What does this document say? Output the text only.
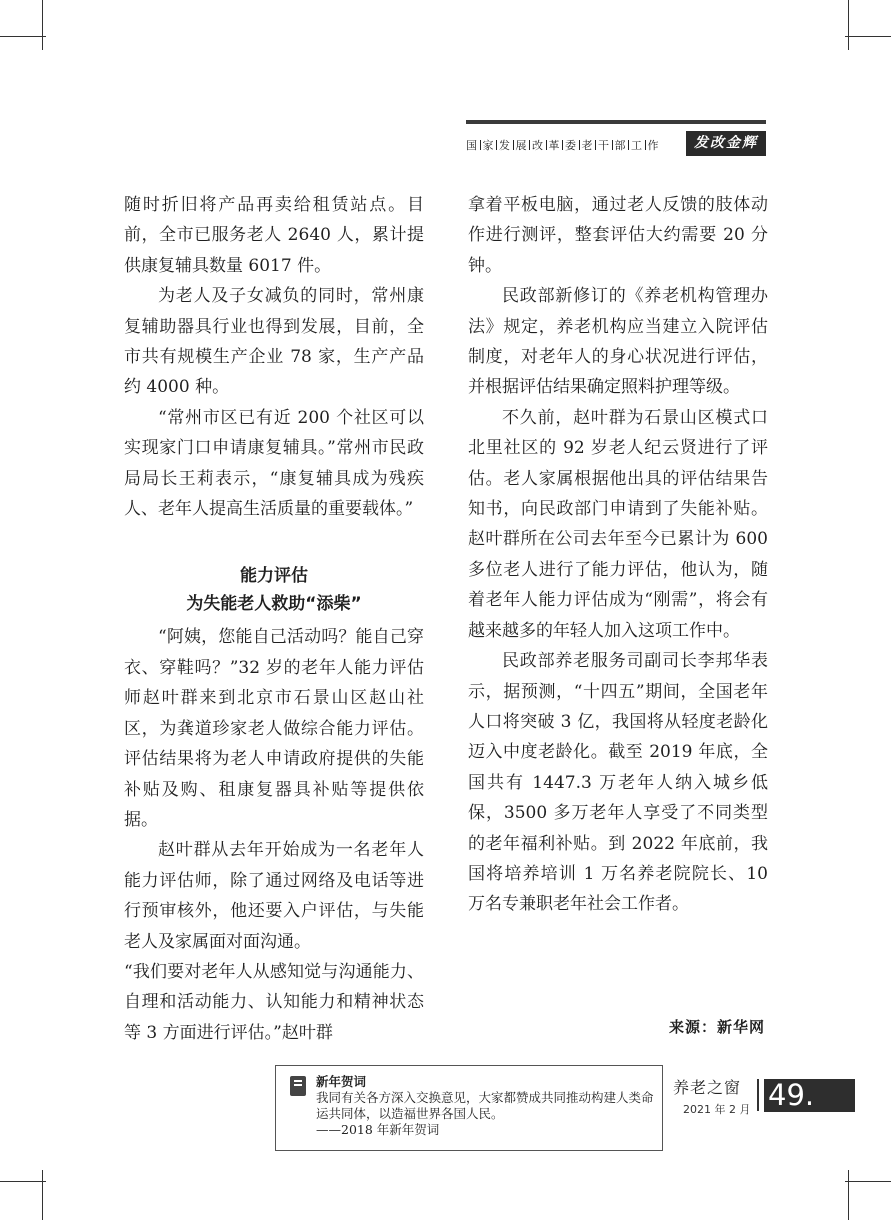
国 家 发 展 改 革 委 老 干 部 工 作	发改金辉

随时折旧将产品再卖给租赁站点。目前，全市已服务老人 2640 人，累计提供康复辅具数量 6017 件。

为老人及子女减负的同时，常州康复辅助器具行业也得到发展，目前，全市共有规模生产企业 78 家，生产产品约 4000 种。

“常州市区已有近 200 个社区可以实现家门口申请康复辅具。”常州市民政局局长王莉表示，“康复辅具成为残疾人、老年人提高生活质量的重要载体。”

能力评估
为失能老人救助“添柴”

“阿姨，您能自己活动吗？能自己穿衣、穿鞋吗？”32 岁的老年人能力评估师赵叶群来到北京市石景山区赵山社区，为龚道珍家老人做综合能力评估。评估结果将为老人申请政府提供的失能补贴及购、租康复器具补贴等提供依据。

赵叶群从去年开始成为一名老年人能力评估师，除了通过网络及电话等进行预审核外，他还要入户评估，与失能老人及家属面对面沟通。

“我们要对老年人从感知觉与沟通能力、自理和活动能力、认知能力和精神状态等 3 方面进行评估。”赵叶群

拿着平板电脑，通过老人反馈的肢体动作进行测评，整套评估大约需要 20 分钟。

民政部新修订的《养老机构管理办法》规定，养老机构应当建立入院评估制度，对老年人的身心状况进行评估，并根据评估结果确定照料护理等级。

不久前，赵叶群为石景山区模式口北里社区的 92 岁老人纪云贤进行了评估。老人家属根据他出具的评估结果告知书，向民政部门申请到了失能补贴。赵叶群所在公司去年至今已累计为 600 多位老人进行了能力评估，他认为，随着老年人能力评估成为“刚需”，将会有越来越多的年轻人加入这项工作中。

民政部养老服务司副司长李邦华表示，据预测，“十四五”期间，全国老年人口将突破 3 亿，我国将从轻度老龄化迈入中度老龄化。截至 2019 年底，全国共有 1447.3 万老年人纳入城乡低保，3500 多万老年人享受了不同类型的老年福利补贴。到 2022 年底前，我国将培养培训 1 万名养老院院长、10 万名专兼职老年社会工作者。

来源：新华网
新年贺词
我同有关各方深入交换意见，大家都赞成共同推动构建人类命运共同体，以造福世界各国人民。
——2018 年新年贺词
养老之窗
2021 年 2 月 49.
